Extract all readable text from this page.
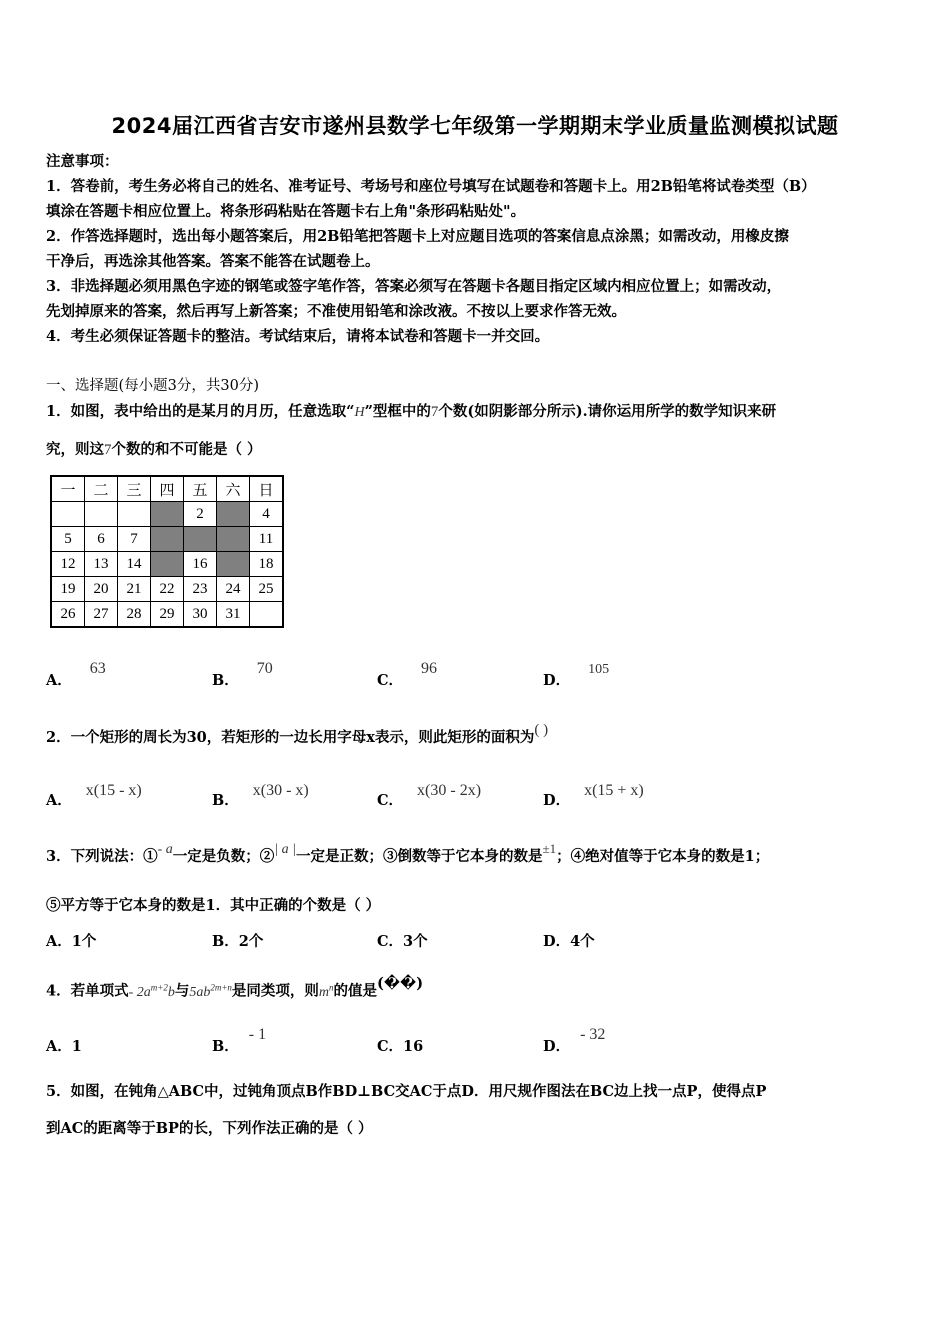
2024届江西省吉安市遂州县数学七年级第一学期期末学业质量监测模拟试题
注意事项：
1．答卷前，考生务必将自己的姓名、准考证号、考场号和座位号填写在试题卷和答题卡上。用2B铅笔将试卷类型（B）
填涂在答题卡相应位置上。将条形码粘贴在答题卡右上角"条形码粘贴处"。
2．作答选择题时，选出每小题答案后，用2B铅笔把答题卡上对应题目选项的答案信息点涂黑；如需改动，用橡皮擦
干净后，再选涂其他答案。答案不能答在试题卷上。
3．非选择题必须用黑色字迹的钢笔或签字笔作答，答案必须写在答题卡各题目指定区域内相应位置上；如需改动，
先划掉原来的答案，然后再写上新答案；不准使用铅笔和涂改液。不按以上要求作答无效。
4．考生必须保证答题卡的整洁。考试结束后，请将本试卷和答题卡一并交回。
一、选择题(每小题3分，共30分)
1．如图，表中给出的是某月的月历，任意选取“H”型框中的7个数(如阴影部分所示).请你运用所学的数学知识来研
究，则这7个数的和不可能是（ ）
一	二	三	四	五	六	日
				2		4
5	6	7				11
12	13	14		16		18
19	20	21	22	23	24	25
26	27	28	29	30	31	
A．63
B．70
C．96
D．105
2．一个矩形的周长为30，若矩形的一边长用字母x表示，则此矩形的面积为( )
A．x(15 - x)
B．x(30 - x)
C．x(30 - 2x)
D．x(15 + x)
3．下列说法：①- a一定是负数；②| a |一定是正数；③倒数等于它本身的数是±1；④绝对值等于它本身的数是1；
⑤平方等于它本身的数是1．其中正确的个数是（ ）
A．1个	B．2个	C．3个	D．4个
4．若单项式- $2a^{m+2}b$与$5ab^{2m+n}$是同类项，则$m^n$的值是(��)
A．1	B．- 1
C．16	D．- 32
5．如图，在钝角△ABC中，过钝角顶点B作BD⊥BC交AC于点D．用尺规作图法在BC边上找一点P，使得点P
到AC的距离等于BP的长，下列作法正确的是（ ）
